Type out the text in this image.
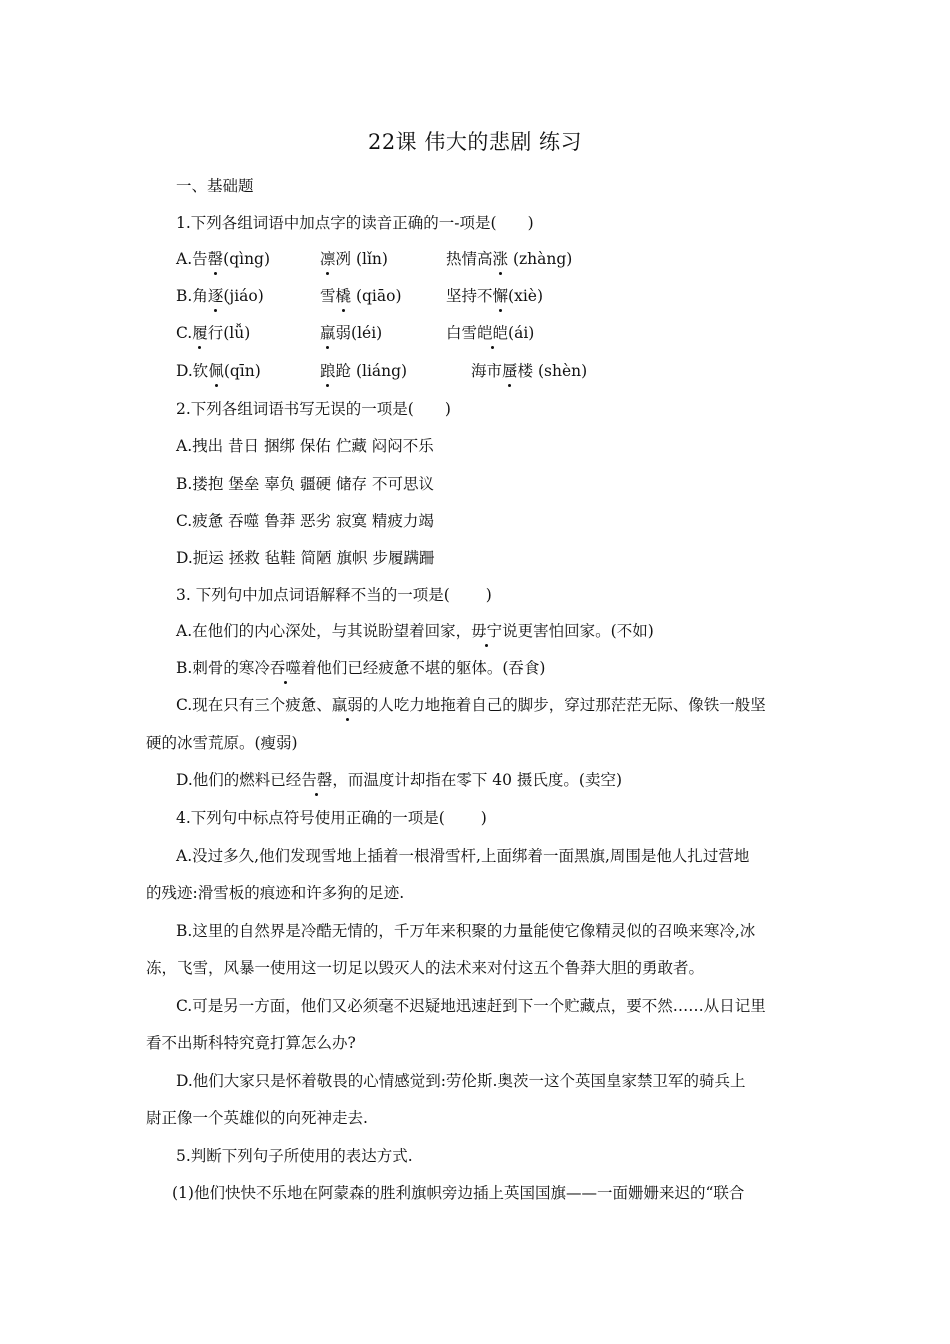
22课 伟大的悲剧 练习
一、基础题
1.下列各组词语中加点字的读音正确的一-项是(　　)
A.告罄(qìng)	凛冽 (lǐn)	热情高涨 (zhàng)
B.角逐(jiáo)	雪橇 (qiāo)	坚持不懈(xiè)
C.履行(lǚ)	羸弱(léi)	白雪皑皑(ái)
D.钦佩(qīn)	踉跄 (liáng)	海市蜃楼 (shèn)
2.下列各组词语书写无误的一项是(　　)
A.拽出 昔日 捆绑 保佑 伫藏 闷闷不乐
B.搂抱 堡垒 辜负 疆硬 储存 不可思议
C.疲惫 吞噬 鲁莽 恶劣 寂寞 精疲力竭
D.扼运 拯救 毡鞋 简陋 旗帜 步履蹒跚
3. 下列句中加点词语解释不当的一项是(　　 )
A.在他们的内心深处，与其说盼望着回家，毋宁说更害怕回家。(不如)
B.刺骨的寒冷吞噬着他们已经疲惫不堪的躯体。(吞食)
C.现在只有三个疲惫、羸弱的人吃力地拖着自己的脚步，穿过那茫茫无际、像铁一般坚
硬的冰雪荒原。(瘦弱)
D.他们的燃料已经告罄，而温度计却指在零下 40 摄氏度。(卖空)
4.下列句中标点符号使用正确的一项是(　　 )
A.没过多久,他们发现雪地上插着一根滑雪杆,上面绑着一面黑旗,周围是他人扎过营地
的残迹:滑雪板的痕迹和许多狗的足迹.
B.这里的自然界是冷酷无情的，千万年来积聚的力量能使它像精灵似的召唤来寒冷,冰
冻，飞雪，风暴一使用这一切足以毁灭人的法术来对付这五个鲁莽大胆的勇敢者。
C.可是另一方面，他们又必须毫不迟疑地迅速赶到下一个贮藏点，要不然……从日记里
看不出斯科特究竟打算怎么办?
D.他们大家只是怀着敬畏的心情感觉到:劳伦斯.奥茨一这个英国皇家禁卫军的骑兵上
尉正像一个英雄似的向死神走去.
5.判断下列句子所使用的表达方式.
(1)他们快快不乐地在阿蒙森的胜利旗帜旁边插上英国国旗——一面姗姗来迟的“联合
